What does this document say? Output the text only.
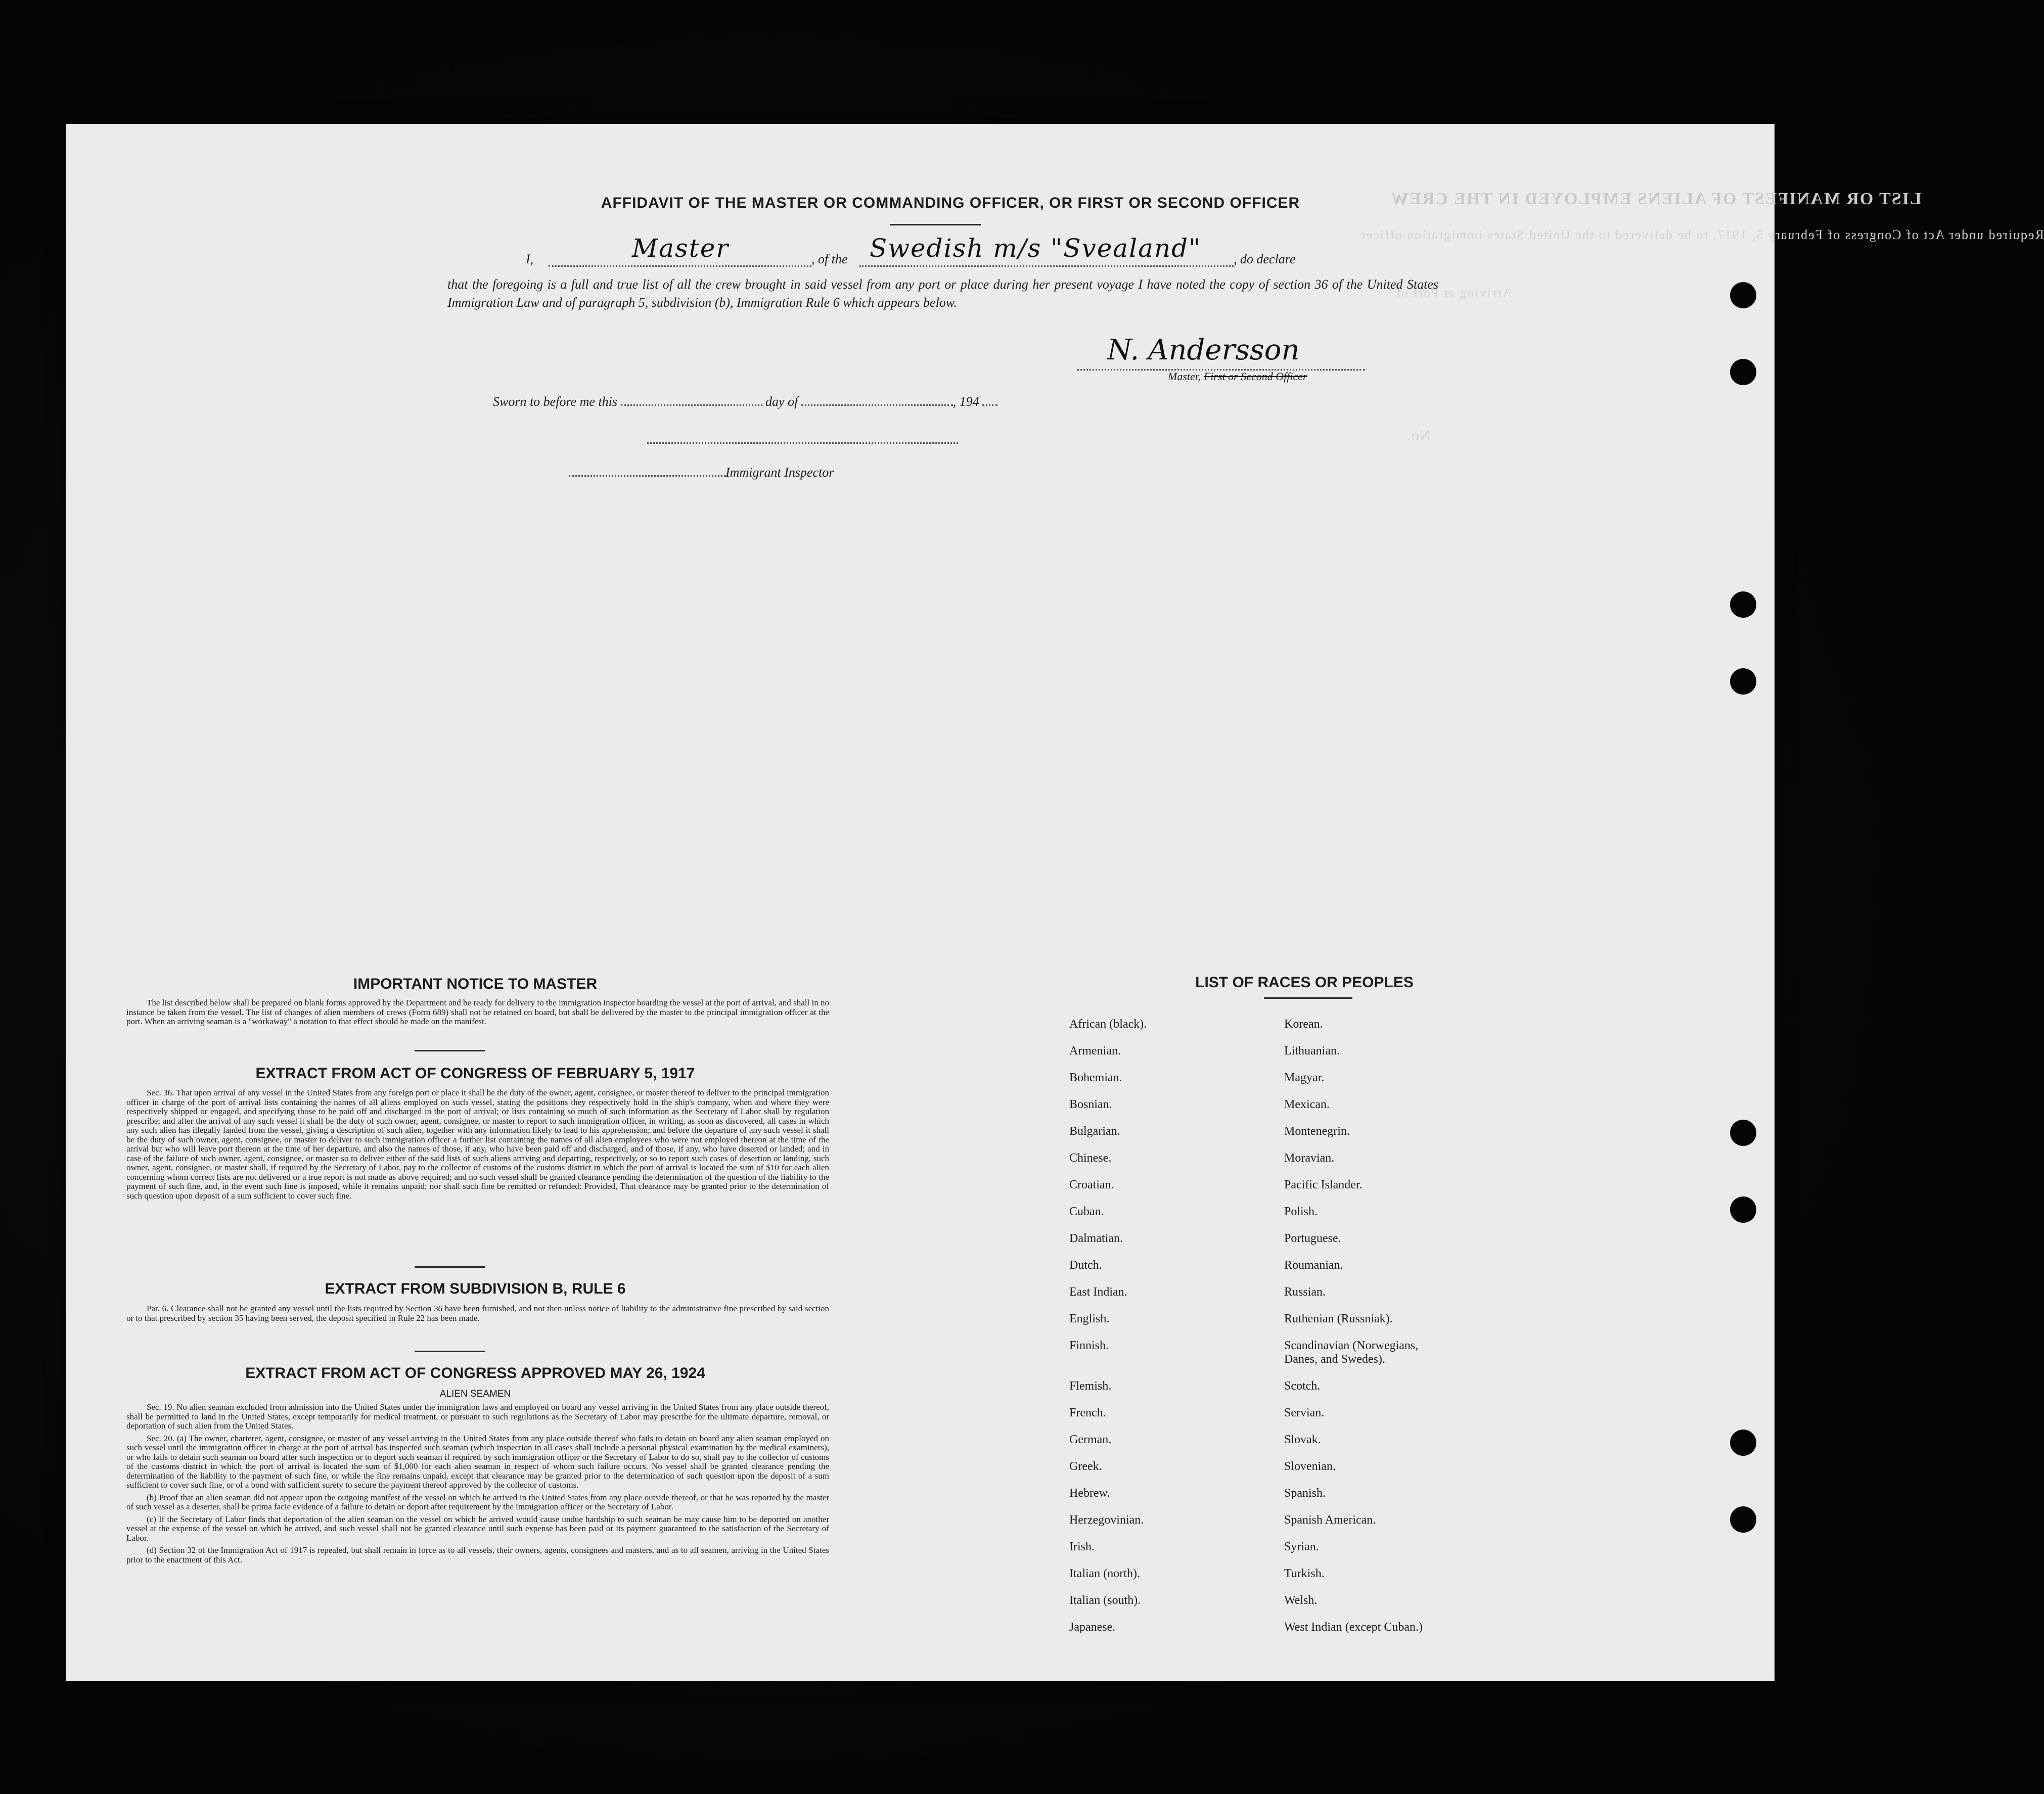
LIST OR MANIFEST OF ALIENS EMPLOYED IN THE CREW
Required under Act of Congress of February 5, 1917, to be delivered to the United States immigration officer
Arriving at Port of
No.
AFFIDAVIT OF THE MASTER OR COMMANDING OFFICER, OR FIRST OR SECOND OFFICER
I,	Master	, of the Swedish m/s "Svealand" , do declare

that the foregoing is a full and true list of all the crew brought in said vessel from any port or place during her present voyage I have noted the copy of section 36 of the United States Immigration Law and of paragraph 5, subdivision (b), Immigration Rule 6 which appears below.

N. Andersson
Master, First or Second Officer
Sworn to before me this	day of	, 194
Immigrant Inspector
IMPORTANT NOTICE TO MASTER

The list described below shall be prepared on blank forms approved by the Department and be ready for delivery to the immigration inspector boarding the vessel at the port of arrival, and shall in no instance be taken from the vessel. The list of changes of alien members of crews (Form 689) shall not be retained on board, but shall be delivered by the master to the principal immigration officer at the port. When an arriving seaman is a "workaway" a notation to that effect should be made on the manifest.

EXTRACT FROM ACT OF CONGRESS OF FEBRUARY 5, 1917

Sec. 36. That upon arrival of any vessel in the United States from any foreign port or place it shall be the duty of the owner, agent, consignee, or master thereof to deliver to the principal immigration officer in charge of the port of arrival lists containing the names of all aliens employed on such vessel, stating the positions they respectively hold in the ship's company, when and where they were respectively shipped or engaged, and specifying those to be paid off and discharged in the port of arrival; or lists containing so much of such information as the Secretary of Labor shall by regulation prescribe; and after the arrival of any such vessel it shall be the duty of such owner, agent, consignee, or master to report to such immigration officer, in writing, as soon as discovered, all cases in which any such alien has illegally landed from the vessel, giving a description of such alien, together with any information likely to lead to his apprehension; and before the departure of any such vessel it shall be the duty of such owner, agent, consignee, or master to deliver to such immigration officer a further list containing the names of all alien employees who were not employed thereon at the time of the arrival but who will leave port thereon at the time of her departure, and also the names of those, if any, who have been paid off and discharged, and of those, if any, who have deserted or landed; and in case of the failure of such owner, agent, consignee, or master so to deliver either of the said lists of such aliens arriving and departing, respectively, or so to report such cases of desertion or landing, such owner, agent, consignee, or master shall, if required by the Secretary of Labor, pay to the collector of customs of the customs district in which the port of arrival is located the sum of $10 for each alien concerning whom correct lists are not delivered or a true report is not made as above required; and no such vessel shall be granted clearance pending the determination of the question of the liability to the payment of such fine, and, in the event such fine is imposed, while it remains unpaid; nor shall such fine be remitted or refunded: Provided, That clearance may be granted prior to the determination of such question upon deposit of a sum sufficient to cover such fine.

EXTRACT FROM SUBDIVISION B, RULE 6

Par. 6. Clearance shall not be granted any vessel until the lists required by Section 36 have been furnished, and not then unless notice of liability to the administrative fine prescribed by said section or to that prescribed by section 35 having been served, the deposit specified in Rule 22 has been made.

EXTRACT FROM ACT OF CONGRESS APPROVED MAY 26, 1924
ALIEN SEAMEN

Sec. 19. No alien seaman excluded from admission into the United States under the immigration laws and employed on board any vessel arriving in the United States from any place outside thereof, shall be permitted to land in the United States, except temporarily for medical treatment, or pursuant to such regulations as the Secretary of Labor may prescribe for the ultimate departure, removal, or deportation of such alien from the United States.

Sec. 20. (a) The owner, charterer, agent, consignee, or master of any vessel arriving in the United States from any place outside thereof who fails to detain on board any alien seaman employed on such vessel until the immigration officer in charge at the port of arrival has inspected such seaman (which inspection in all cases shall include a personal physical examination by the medical examiners), or who fails to detain such seaman on board after such inspection or to deport such seaman if required by such immigration officer or the Secretary of Labor to do so, shall pay to the collector of customs of the customs district in which the port of arrival is located the sum of $1,000 for each alien seaman in respect of whom such failure occurs. No vessel shall be granted clearance pending the determination of the liability to the payment of such fine, or while the fine remains unpaid, except that clearance may be granted prior to the determination of such question upon the deposit of a sum sufficient to cover such fine, or of a bond with sufficient surety to secure the payment thereof approved by the collector of customs.

(b) Proof that an alien seaman did not appear upon the outgoing manifest of the vessel on which he arrived in the United States from any place outside thereof, or that he was reported by the master of such vessel as a deserter, shall be prima facie evidence of a failure to detain or deport after requirement by the immigration officer or the Secretary of Labor.

(c) If the Secretary of Labor finds that deportation of the alien seaman on the vessel on which he arrived would cause undue hardship to such seaman he may cause him to be deported on another vessel at the expense of the vessel on which he arrived, and such vessel shall not be granted clearance until such expense has been paid or its payment guaranteed to the satisfaction of the Secretary of Labor.

(d) Section 32 of the Immigration Act of 1917 is repealed, but shall remain in force as to all vessels, their owners, agents, consignees and masters, and as to all seamen, arriving in the United States prior to the enactment of this Act.

LIST OF RACES OR PEOPLES
African (black).	Korean.
Armenian.	Lithuanian.
Bohemian.	Magyar.
Bosnian.	Mexican.
Bulgarian.	Montenegrin.
Chinese.	Moravian.
Croatian.	Pacific Islander.
Cuban.	Polish.
Dalmatian.	Portuguese.
Dutch.	Roumanian.
East Indian.	Russian.
English.	Ruthenian (Russniak).
Finnish.	Scandinavian (Norwegians,
Danes, and Swedes).
Flemish.	Scotch.
French.	Servian.
German.	Slovak.
Greek.	Slovenian.
Hebrew.	Spanish.
Herzegovinian.	Spanish American.
Irish.	Syrian.
Italian (north).	Turkish.
Italian (south).	Welsh.
Japanese.	West Indian (except Cuban.)
